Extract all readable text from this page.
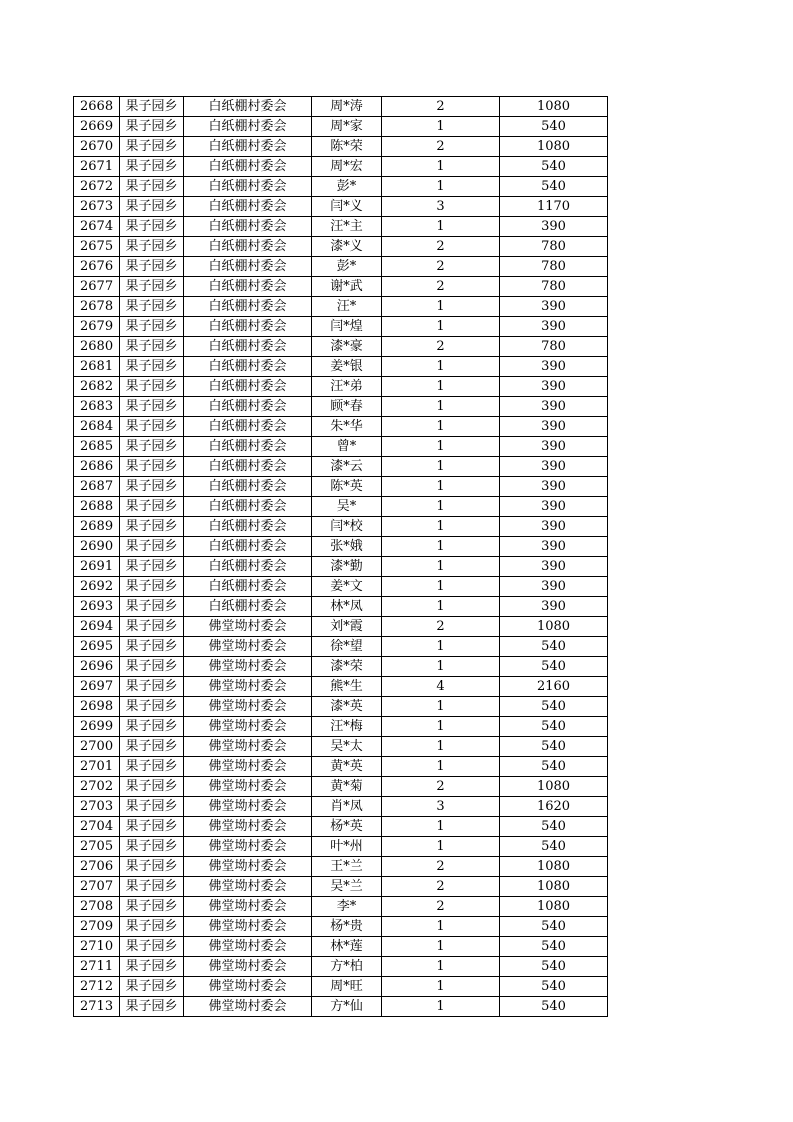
2668	果子园乡	白纸棚村委会	周*涛	2	1080
2669	果子园乡	白纸棚村委会	周*家	1	540
2670	果子园乡	白纸棚村委会	陈*荣	2	1080
2671	果子园乡	白纸棚村委会	周*宏	1	540
2672	果子园乡	白纸棚村委会	彭*	1	540
2673	果子园乡	白纸棚村委会	闫*义	3	1170
2674	果子园乡	白纸棚村委会	汪*主	1	390
2675	果子园乡	白纸棚村委会	漆*义	2	780
2676	果子园乡	白纸棚村委会	彭*	2	780
2677	果子园乡	白纸棚村委会	谢*武	2	780
2678	果子园乡	白纸棚村委会	汪*	1	390
2679	果子园乡	白纸棚村委会	闫*煌	1	390
2680	果子园乡	白纸棚村委会	漆*豪	2	780
2681	果子园乡	白纸棚村委会	姜*银	1	390
2682	果子园乡	白纸棚村委会	汪*弟	1	390
2683	果子园乡	白纸棚村委会	顾*春	1	390
2684	果子园乡	白纸棚村委会	朱*华	1	390
2685	果子园乡	白纸棚村委会	曾*	1	390
2686	果子园乡	白纸棚村委会	漆*云	1	390
2687	果子园乡	白纸棚村委会	陈*英	1	390
2688	果子园乡	白纸棚村委会	吴*	1	390
2689	果子园乡	白纸棚村委会	闫*校	1	390
2690	果子园乡	白纸棚村委会	张*娥	1	390
2691	果子园乡	白纸棚村委会	漆*勤	1	390
2692	果子园乡	白纸棚村委会	姜*文	1	390
2693	果子园乡	白纸棚村委会	林*凤	1	390
2694	果子园乡	佛堂坳村委会	刘*霞	2	1080
2695	果子园乡	佛堂坳村委会	徐*望	1	540
2696	果子园乡	佛堂坳村委会	漆*荣	1	540
2697	果子园乡	佛堂坳村委会	熊*生	4	2160
2698	果子园乡	佛堂坳村委会	漆*英	1	540
2699	果子园乡	佛堂坳村委会	汪*梅	1	540
2700	果子园乡	佛堂坳村委会	吴*太	1	540
2701	果子园乡	佛堂坳村委会	黄*英	1	540
2702	果子园乡	佛堂坳村委会	黄*菊	2	1080
2703	果子园乡	佛堂坳村委会	肖*凤	3	1620
2704	果子园乡	佛堂坳村委会	杨*英	1	540
2705	果子园乡	佛堂坳村委会	叶*州	1	540
2706	果子园乡	佛堂坳村委会	王*兰	2	1080
2707	果子园乡	佛堂坳村委会	吴*兰	2	1080
2708	果子园乡	佛堂坳村委会	李*	2	1080
2709	果子园乡	佛堂坳村委会	杨*贵	1	540
2710	果子园乡	佛堂坳村委会	林*莲	1	540
2711	果子园乡	佛堂坳村委会	方*柏	1	540
2712	果子园乡	佛堂坳村委会	周*旺	1	540
2713	果子园乡	佛堂坳村委会	方*仙	1	540
